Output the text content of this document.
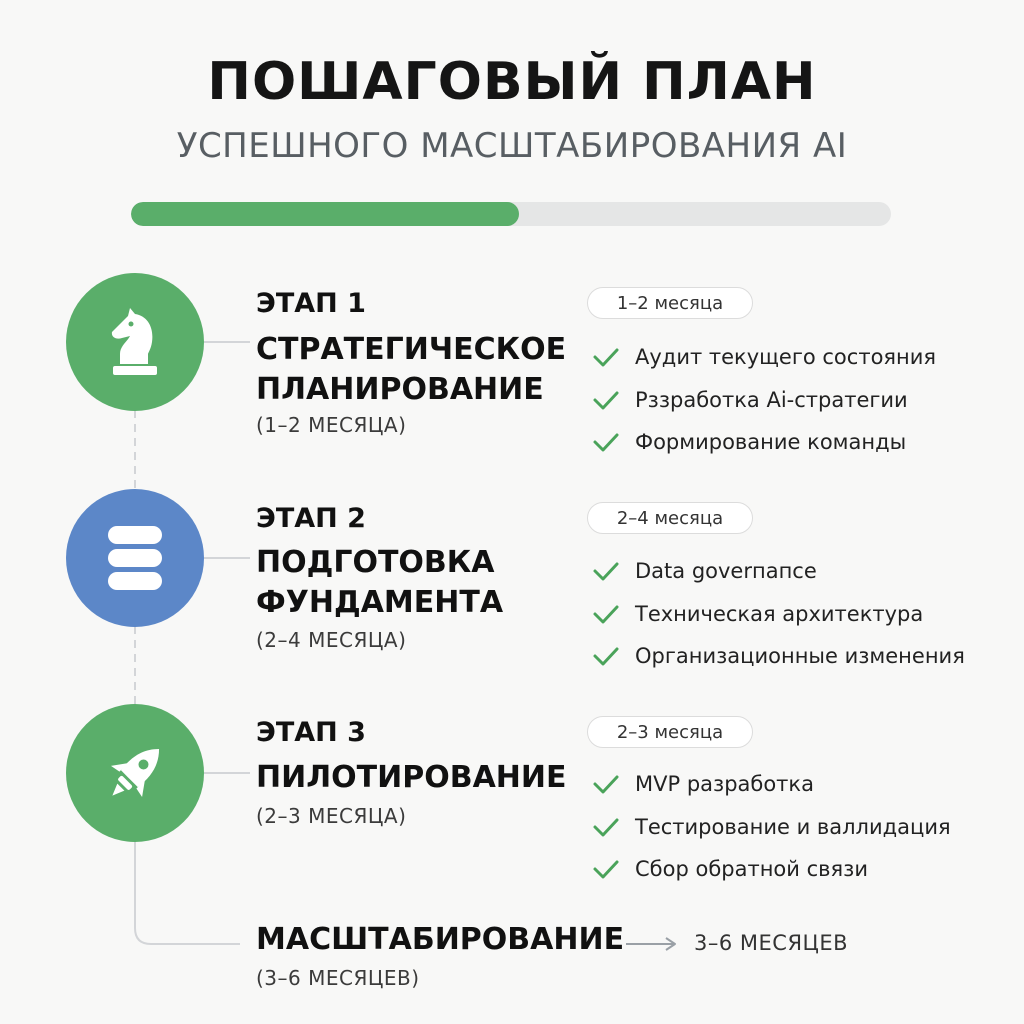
ПОШАГОВЫЙ ПЛАН
УСПЕШНОГО МАСШТАБИРОВАНИЯ AI
ЭТАП 1
СТРАТЕГИЧЕСКОЕ
ПЛАНИРОВАНИЕ
(1–2 МЕСЯЦА)
1–2 месяца
Аудит текущего состояния
Рззработка Ai-стратегии
Формирование команды
ЭТАП 2
ПОДГОТОВКА
ФУНДАМЕНТА
(2–4 МЕСЯЦА)
2–4 месяца
Data goverпапсе
Техническая архитектура
Организационные изменения
ЭТАП 3
ПИЛОТИРОВАНИЕ
(2–3 МЕСЯЦА)
2–3 месяца
MVP разработка
Тестирование и валлидация
Сбор обратной связи
МАСШТАБИРОВАНИЕ
(3–6 МЕСЯЦЕВ)
3–6 МЕСЯЦЕВ
